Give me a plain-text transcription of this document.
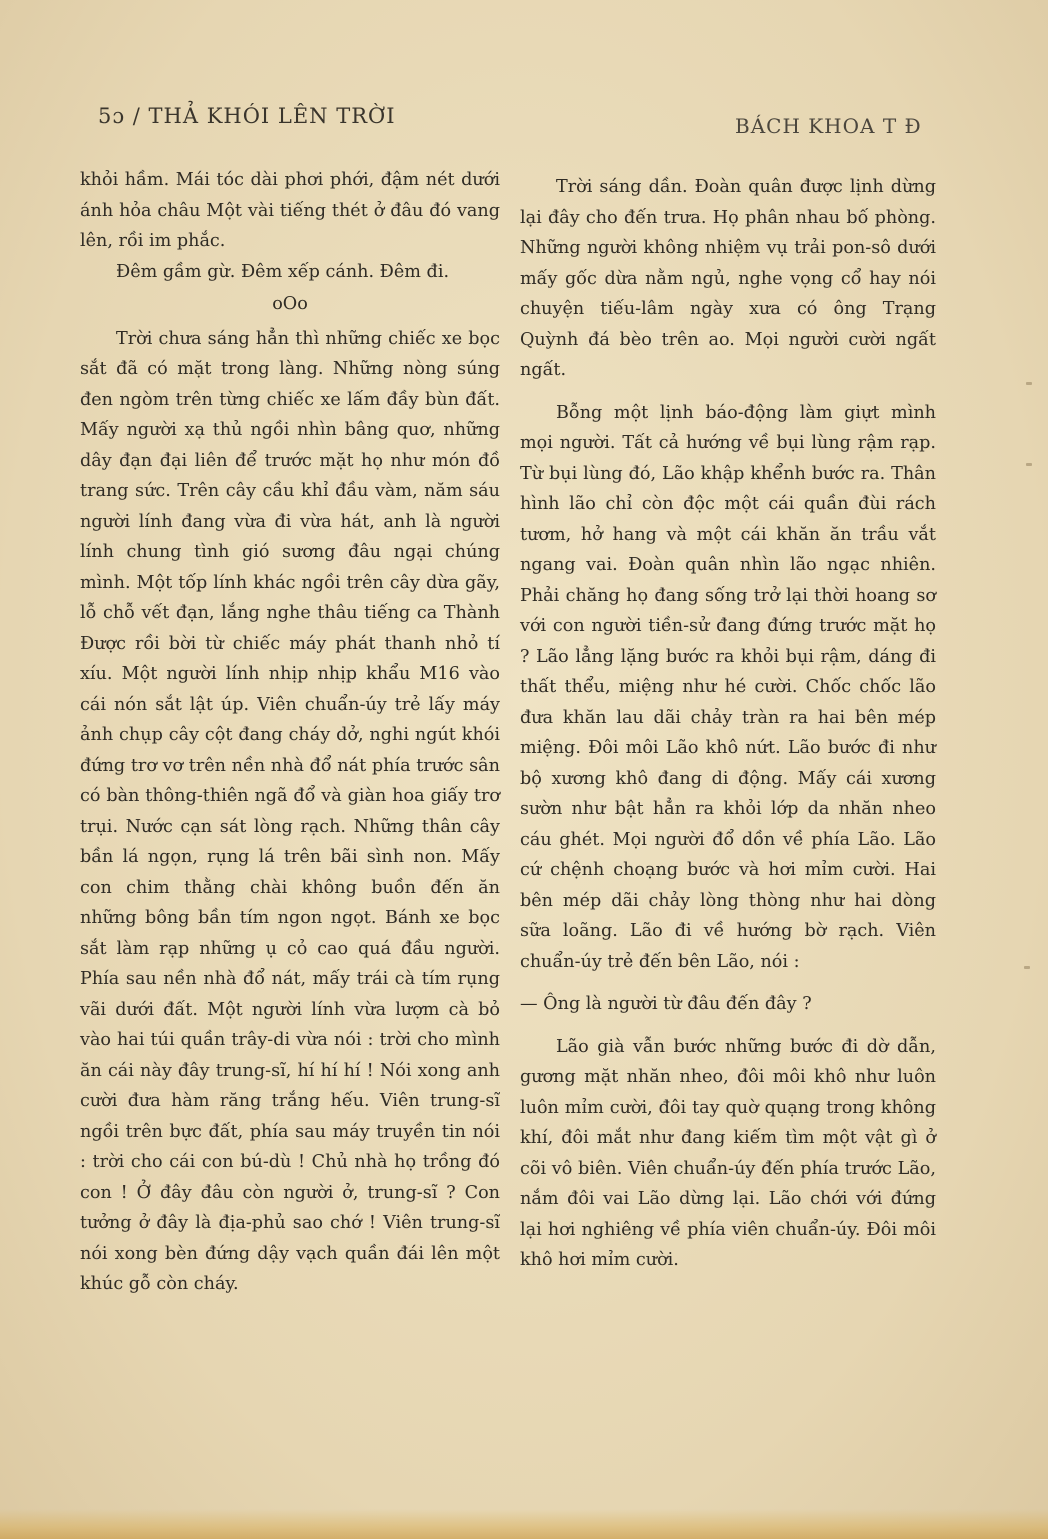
5ɔ / THẢ KHÓI LÊN TRỜI	BÁCH KHOA T Đ

khỏi hầm. Mái tóc dài phơi phới, đậm nét dưới ánh hỏa châu Một vài tiếng thét ở đâu đó vang lên, rồi im phắc.

Đêm gầm gừ. Đêm xếp cánh. Đêm đi.

oOo

Trời chưa sáng hẳn thì những chiếc xe bọc sắt đã có mặt trong làng. Những nòng súng đen ngòm trên từng chiếc xe lấm đầy bùn đất. Mấy người xạ thủ ngồi nhìn bâng quơ, những dây đạn đại liên để trước mặt họ như món đồ trang sức. Trên cây cầu khỉ đầu vàm, năm sáu người lính đang vừa đi vừa hát, anh là người lính chung tình gió sương đâu ngại chúng mình. Một tốp lính khác ngồi trên cây dừa gãy, lỗ chỗ vết đạn, lắng nghe thâu tiếng ca Thành Được rồi bời từ chiếc máy phát thanh nhỏ tí xíu. Một người lính nhịp nhịp khẩu M16 vào cái nón sắt lật úp. Viên chuẩn-úy trẻ lấy máy ảnh chụp cây cột đang cháy dở, nghi ngút khói đứng trơ vơ trên nền nhà đổ nát phía trước sân có bàn thông-thiên ngã đổ và giàn hoa giấy trơ trụi. Nước cạn sát lòng rạch. Những thân cây bần lá ngọn, rụng lá trên bãi sình non. Mấy con chim thằng chài không buồn đến ăn những bông bần tím ngon ngọt. Bánh xe bọc sắt làm rạp những ụ cỏ cao quá đầu người. Phía sau nền nhà đổ nát, mấy trái cà tím rụng vãi dưới đất. Một người lính vừa lượm cà bỏ vào hai túi quần trây-di vừa nói : trời cho mình ăn cái này đây trung-sĩ, hí hí hí ! Nói xong anh cười đưa hàm răng trắng hếu. Viên trung-sĩ ngồi trên bực đất, phía sau máy truyền tin nói : trời cho cái con bú-dù ! Chủ nhà họ trồng đó con ! Ở đây đâu còn người ở, trung-sĩ ? Con tưởng ở đây là địa-phủ sao chớ ! Viên trung-sĩ nói xong bèn đứng dậy vạch quần đái lên một khúc gỗ còn cháy.

Trời sáng dần. Đoàn quân được lịnh dừng lại đây cho đến trưa. Họ phân nhau bố phòng. Những người không nhiệm vụ trải pon-sô dưới mấy gốc dừa nằm ngủ, nghe vọng cổ hay nói chuyện tiếu-lâm ngày xưa có ông Trạng Quỳnh đá bèo trên ao. Mọi người cười ngất ngất.

Bỗng một lịnh báo-động làm giựt mình mọi người. Tất cả hướng về bụi lùng rậm rạp. Từ bụi lùng đó, Lão khập khểnh bước ra. Thân hình lão chỉ còn độc một cái quần đùi rách tươm, hở hang và một cái khăn ăn trầu vắt ngang vai. Đoàn quân nhìn lão ngạc nhiên. Phải chăng họ đang sống trở lại thời hoang sơ với con người tiền-sử đang đứng trước mặt họ ? Lão lẳng lặng bước ra khỏi bụi rậm, dáng đi thất thểu, miệng như hé cười. Chốc chốc lão đưa khăn lau dãi chảy tràn ra hai bên mép miệng. Đôi môi Lão khô nứt. Lão bước đi như bộ xương khô đang di động. Mấy cái xương sườn như bật hẳn ra khỏi lớp da nhăn nheo cáu ghét. Mọi người đổ dồn về phía Lão. Lão cứ chệnh choạng bước và hơi mỉm cười. Hai bên mép dãi chảy lòng thòng như hai dòng sữa loãng. Lão đi về hướng bờ rạch. Viên chuẩn-úy trẻ đến bên Lão, nói :

— Ông là người từ đâu đến đây ?

Lão già vẫn bước những bước đi dờ dẫn, gương mặt nhăn nheo, đôi môi khô như luôn luôn mỉm cười, đôi tay quờ quạng trong không khí, đôi mắt như đang kiếm tìm một vật gì ở cõi vô biên. Viên chuẩn-úy đến phía trước Lão, nắm đôi vai Lão dừng lại. Lão chới với đứng lại hơi nghiêng về phía viên chuẩn-úy. Đôi môi khô hơi mỉm cười.
